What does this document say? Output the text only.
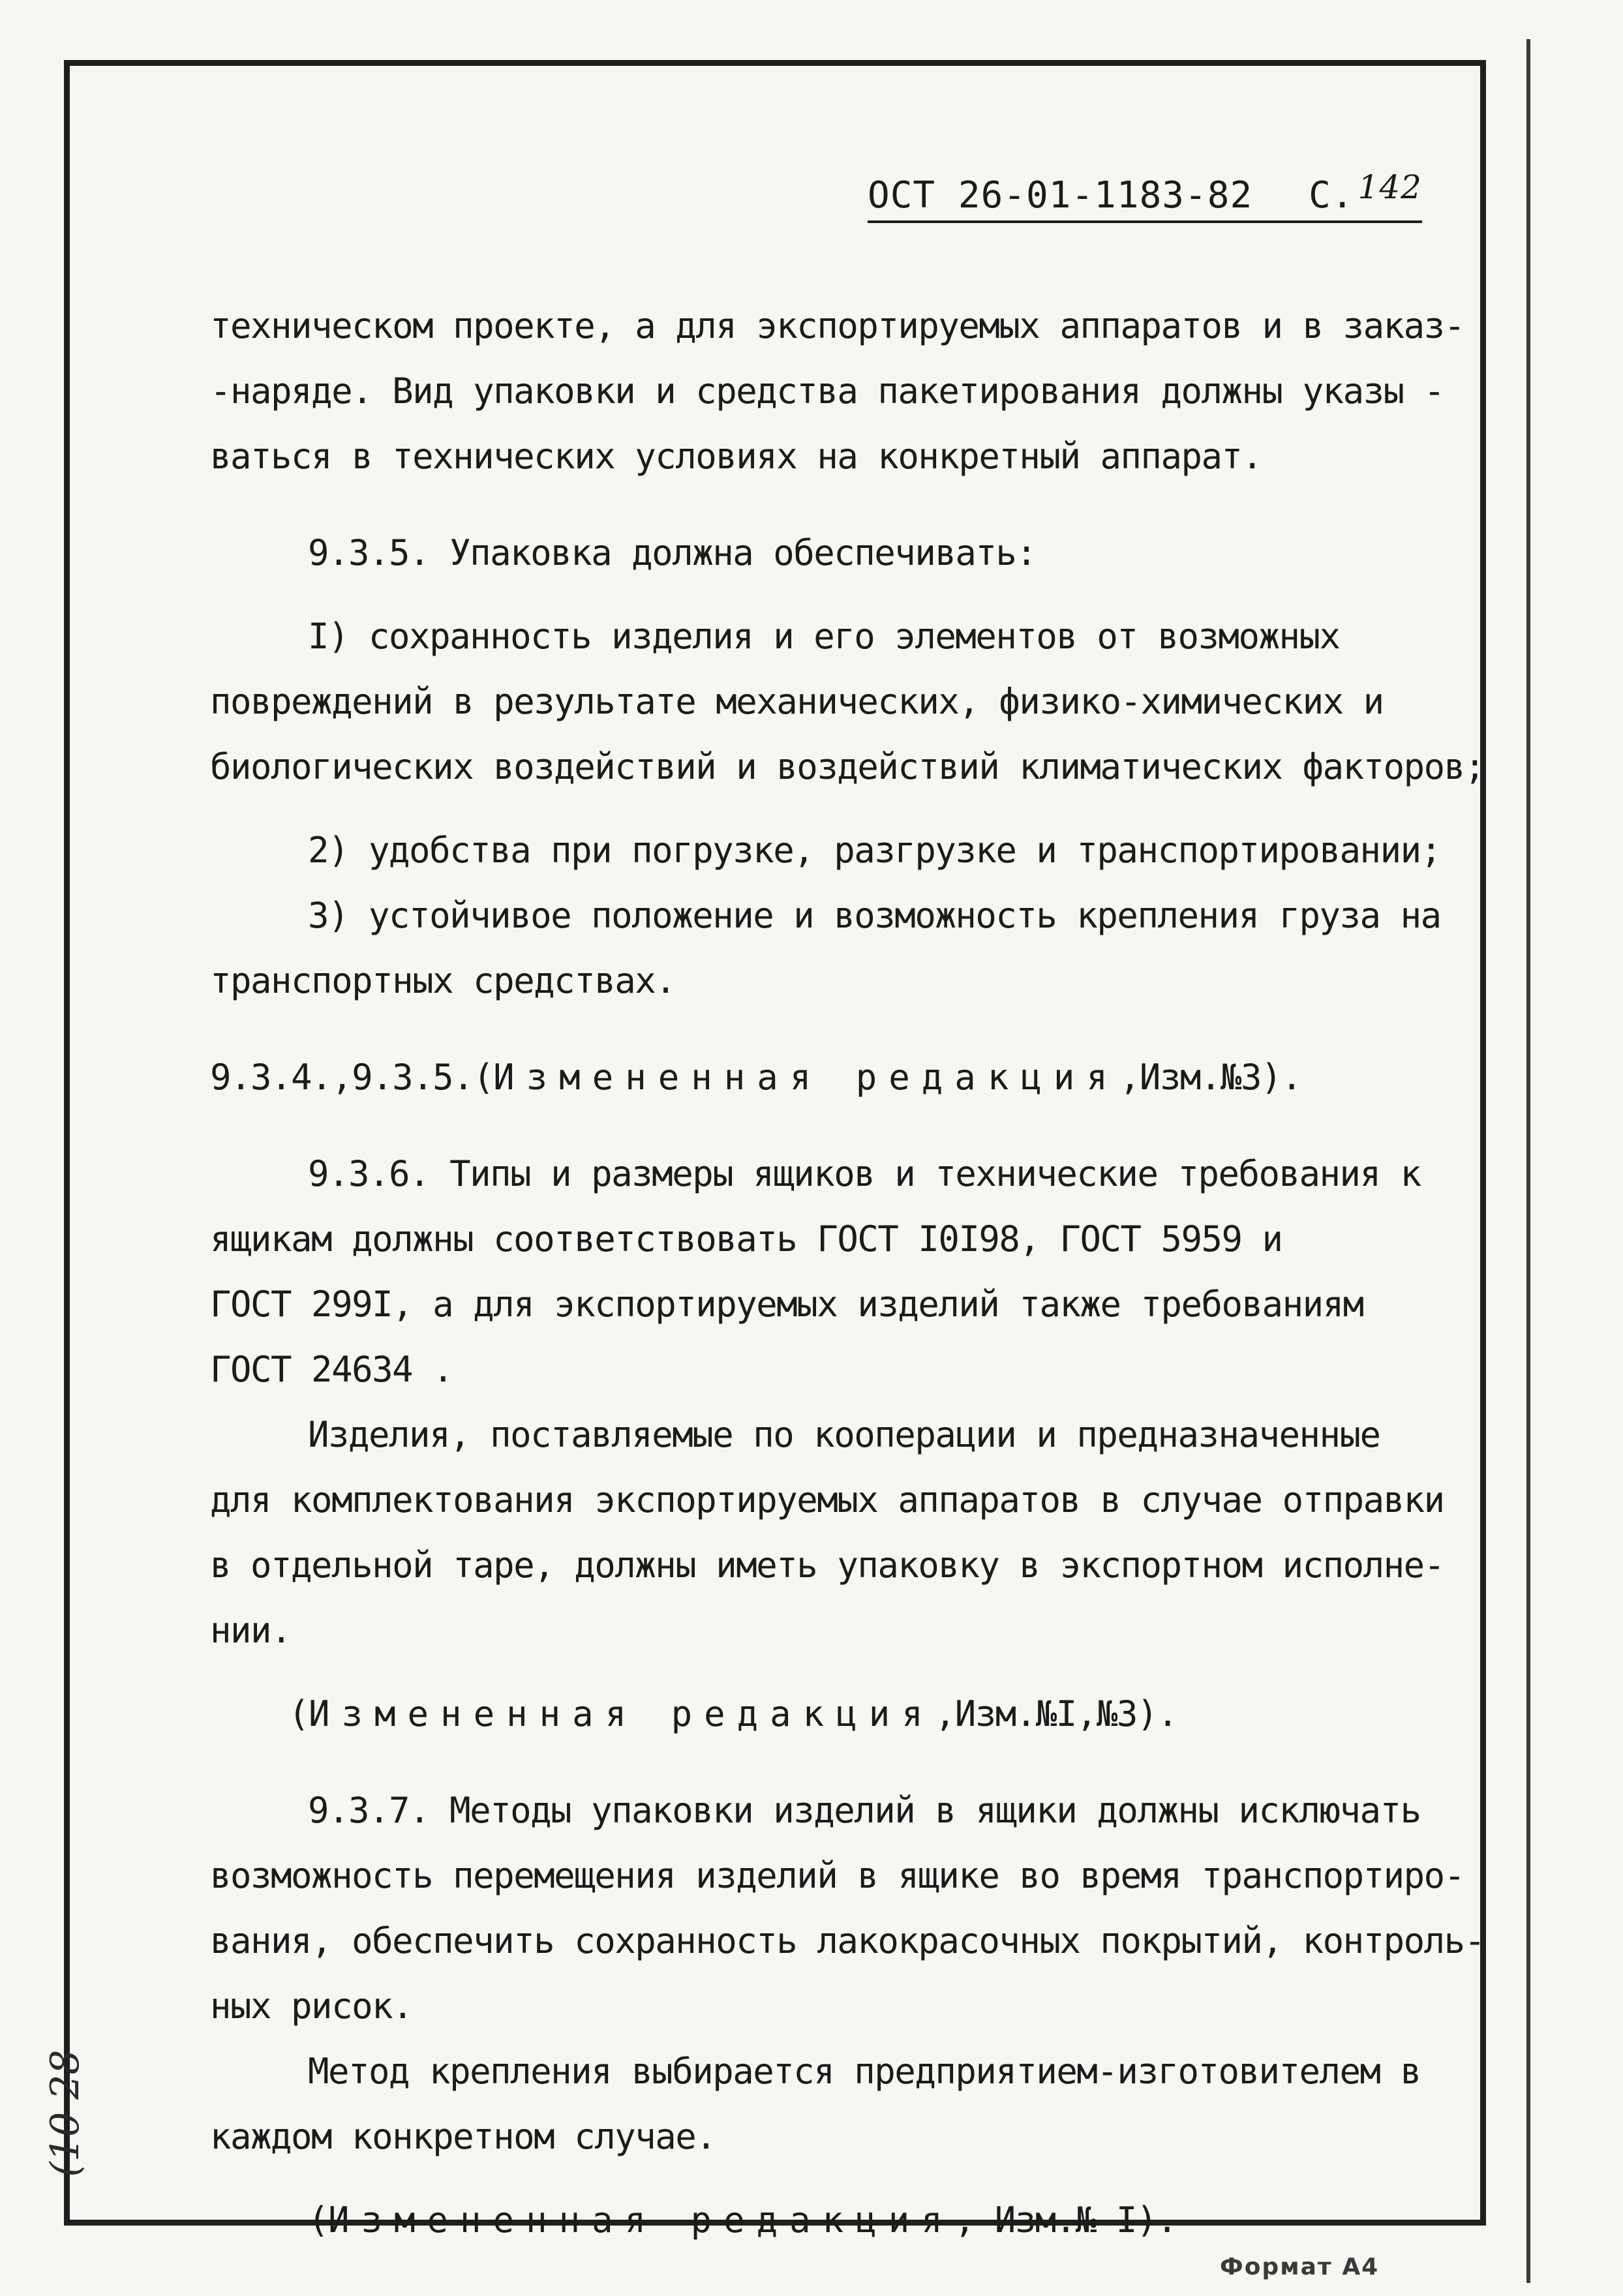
ОСТ 26-01-1183-82 С. 142
техническом проекте, а для экспортируемых аппаратов и в заказ-
-наряде. Вид упаковки и средства пакетирования должны указы -
ваться в технических условиях на конкретный аппарат.
9.3.5. Упаковка должна обеспечивать:
I) сохранность изделия и его элементов от возможных
повреждений в результате механических, физико-химических и
биологических воздействий и воздействий климатических факторов;
2) удобства при погрузке, разгрузке и транспортировании;
3) устойчивое положение и возможность крепления груза на
транспортных средствах.
9.3.4.,9.3.5.(Измененная редакция,Изм.№3).
9.3.6. Типы и размеры ящиков и технические требования к
ящикам должны соответствовать ГОСТ I0I98, ГОСТ 5959 и
ГОСТ 299I, а для экспортируемых изделий также требованиям
ГОСТ 24634 .
Изделия, поставляемые по кооперации и предназначенные
для комплектования экспортируемых аппаратов в случае отправки
в отдельной таре, должны иметь упаковку в экспортном исполне-
нии.
(Измененная редакция,Изм.№I,№3).
9.3.7. Методы упаковки изделий в ящики должны исключать
возможность перемещения изделий в ящике во время транспортиро-
вания, обеспечить сохранность лакокрасочных покрытий, контроль-
ных рисок.
Метод крепления выбирается предприятием-изготовителем в
каждом конкретном случае.
(Измененная редакция, Изм.№ I).
(10 28
Формат А4
